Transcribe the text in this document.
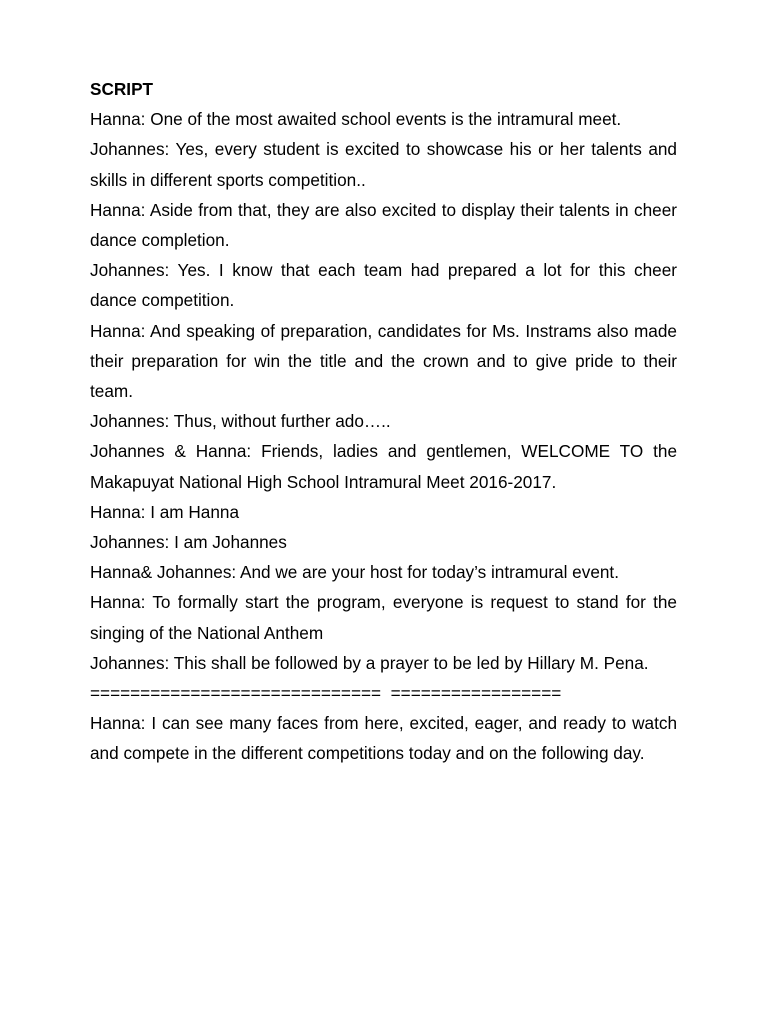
SCRIPT

Hanna: One of the most awaited school events is the intramural meet.

Johannes: Yes, every student is excited to showcase his or her talents and skills in different sports competition..

Hanna: Aside from that, they are also excited to display their talents in cheer dance completion.

Johannes: Yes. I know that each team had prepared a lot for this cheer dance competition.

Hanna: And speaking of preparation, candidates for Ms. Instrams also made their preparation for win the title and the crown and to give pride to their team.

Johannes: Thus, without further ado…..

Johannes & Hanna: Friends, ladies and gentlemen, WELCOME TO the Makapuyat National High School Intramural Meet 2016-2017.

Hanna: I am Hanna

Johannes: I am Johannes

Hanna& Johannes: And we are your host for today’s intramural event.

Hanna: To formally start the program, everyone is request to stand for the singing of the National Anthem

Johannes: This shall be followed by a prayer to be led by Hillary M. Pena.

=============================  =================

Hanna: I can see many faces from here, excited, eager, and ready to watch and compete in the different competitions today and on the following day.
